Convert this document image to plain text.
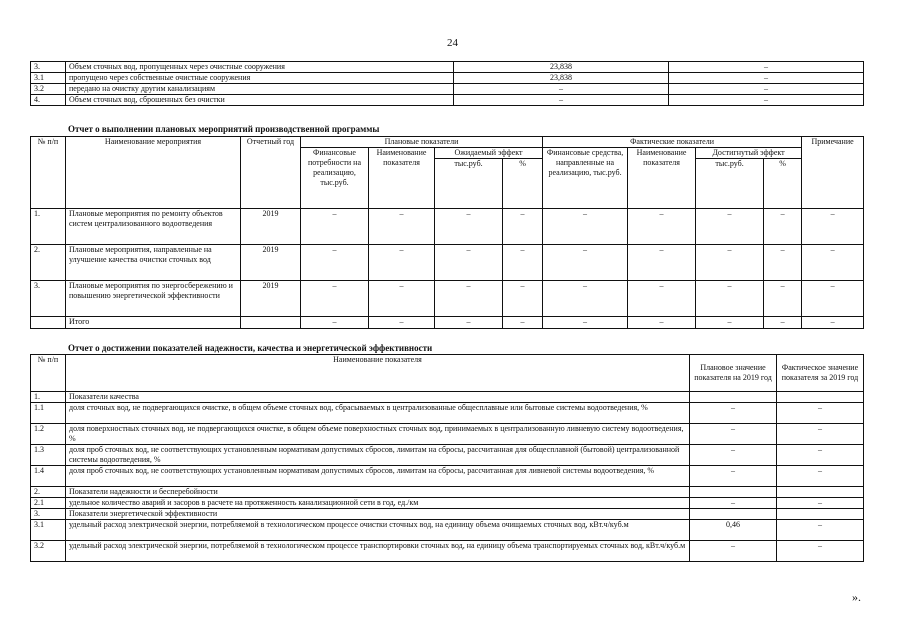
24
3.	Объем сточных вод, пропущенных через очистные сооружения	23,838	–
3.1	пропущено через собственные очистные сооружения	23,838	–
3.2	передано на очистку другим канализациям	–	–
4.	Объем сточных вод, сброшенных без очистки	–	–
Отчет о выполнении плановых мероприятий производственной программы
№ п/п	Наименование мероприятия	Отчетный год	Плановые показатели				Фактические показатели				Примечание	
			Финансовые потребности на реализацию, тыс.руб.	Наименование показателя	Ожидаемый эффект		Финансовые средства, направленные на реализацию, тыс.руб.	Наименование показателя	Достигнутый эффект			
					тыс.руб.	%			тыс.руб.	%		
1.	Плановые мероприятия по ремонту объектов систем централизованного водоотведения	2019	–	–	–	–	–	–	–	–	–	
2.	Плановые мероприятия, направленные на улучшение качества очистки сточных вод	2019	–	–	–	–	–	–	–	–	–	
3.	Плановые мероприятия по энергосбережению и повышению энергетической эффективности	2019	–	–	–	–	–	–	–	–	–	
	Итого		–	–	–	–	–	–	–	–	–	
Отчет о достижении показателей надежности, качества и энергетической эффективности
№ п/п	Наименование показателя	Плановое значение показателя на 2019 год	Фактическое значение показателя за 2019 год
1.	Показатели качества		
1.1	доля сточных вод, не подвергающихся очистке, в общем объеме сточных вод, сбрасываемых в централизованные общесплавные или бытовые системы водоотведения, %	–	–
1.2	доля поверхностных сточных вод, не подвергающихся очистке, в общем объеме поверхностных сточных вод, принимаемых в централизованную ливневую систему водоотведения, %	–	–
1.3	доля проб сточных вод, не соответствующих установленным нормативам допустимых сбросов, лимитам на сбросы, рассчитанная для общесплавной (бытовой) централизованной системы водоотведения, %	–	–
1.4	доля проб сточных вод, не соответствующих установленным нормативам допустимых сбросов, лимитам на сбросы, рассчитанная для ливневой системы водоотведения, %	–	–
2.	Показатели надежности и бесперебойности		
2.1	удельное количество аварий и засоров в расчете на протяженность канализационной сети в год, ед./км	–	–
3.	Показатели энергетической эффективности		
3.1	удельный расход электрической энергии, потребляемой в технологическом процессе очистки сточных вод, на единицу объема очищаемых сточных вод, кВт.ч/куб.м	0,46	–
3.2	удельный расход электрической энергии, потребляемой в технологическом процессе транспортировки сточных вод, на единицу объема транспортируемых сточных вод, кВт.ч/куб.м	–	–
».
